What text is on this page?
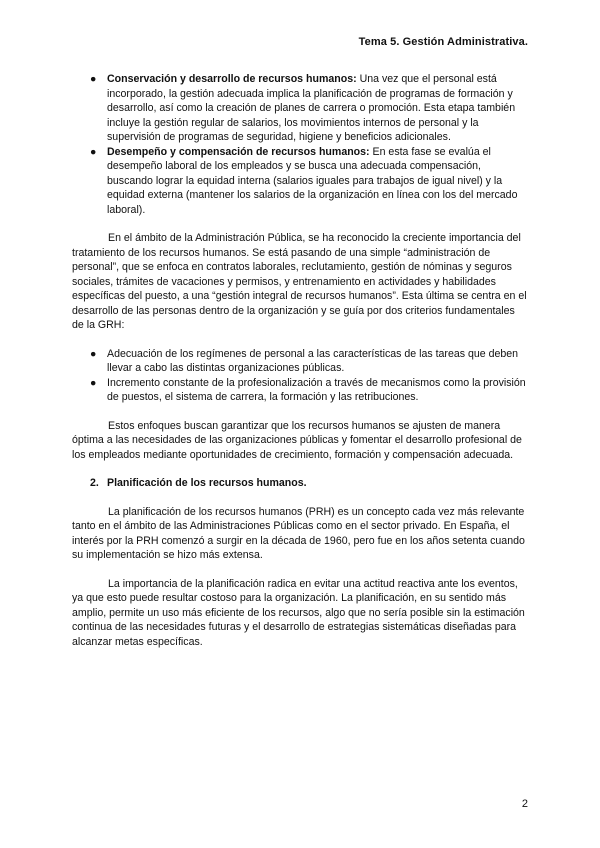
Tema 5. Gestión Administrativa.
● Conservación y desarrollo de recursos humanos: Una vez que el personal está incorporado, la gestión adecuada implica la planificación de programas de formación y desarrollo, así como la creación de planes de carrera o promoción. Esta etapa también incluye la gestión regular de salarios, los movimientos internos de personal y la supervisión de programas de seguridad, higiene y beneficios adicionales.
● Desempeño y compensación de recursos humanos: En esta fase se evalúa el desempeño laboral de los empleados y se busca una adecuada compensación, buscando lograr la equidad interna (salarios iguales para trabajos de igual nivel) y la equidad externa (mantener los salarios de la organización en línea con los del mercado laboral).

En el ámbito de la Administración Pública, se ha reconocido la creciente importancia del tratamiento de los recursos humanos. Se está pasando de una simple “administración de personal”, que se enfoca en contratos laborales, reclutamiento, gestión de nóminas y seguros sociales, trámites de vacaciones y permisos, y entrenamiento en actividades y habilidades específicas del puesto, a una “gestión integral de recursos humanos”. Esta última se centra en el desarrollo de las personas dentro de la organización y se guía por dos criterios fundamentales de la GRH:

● Adecuación de los regímenes de personal a las características de las tareas que deben llevar a cabo las distintas organizaciones públicas.
● Incremento constante de la profesionalización a través de mecanismos como la provisión de puestos, el sistema de carrera, la formación y las retribuciones.

Estos enfoques buscan garantizar que los recursos humanos se ajusten de manera óptima a las necesidades de las organizaciones públicas y fomentar el desarrollo profesional de los empleados mediante oportunidades de crecimiento, formación y compensación adecuada.

2. Planificación de los recursos humanos.

La planificación de los recursos humanos (PRH) es un concepto cada vez más relevante tanto en el ámbito de las Administraciones Públicas como en el sector privado. En España, el interés por la PRH comenzó a surgir en la década de 1960, pero fue en los años setenta cuando su implementación se hizo más extensa.

La importancia de la planificación radica en evitar una actitud reactiva ante los eventos, ya que esto puede resultar costoso para la organización. La planificación, en su sentido más amplio, permite un uso más eficiente de los recursos, algo que no sería posible sin la estimación continua de las necesidades futuras y el desarrollo de estrategias sistemáticas diseñadas para alcanzar metas específicas.

2
